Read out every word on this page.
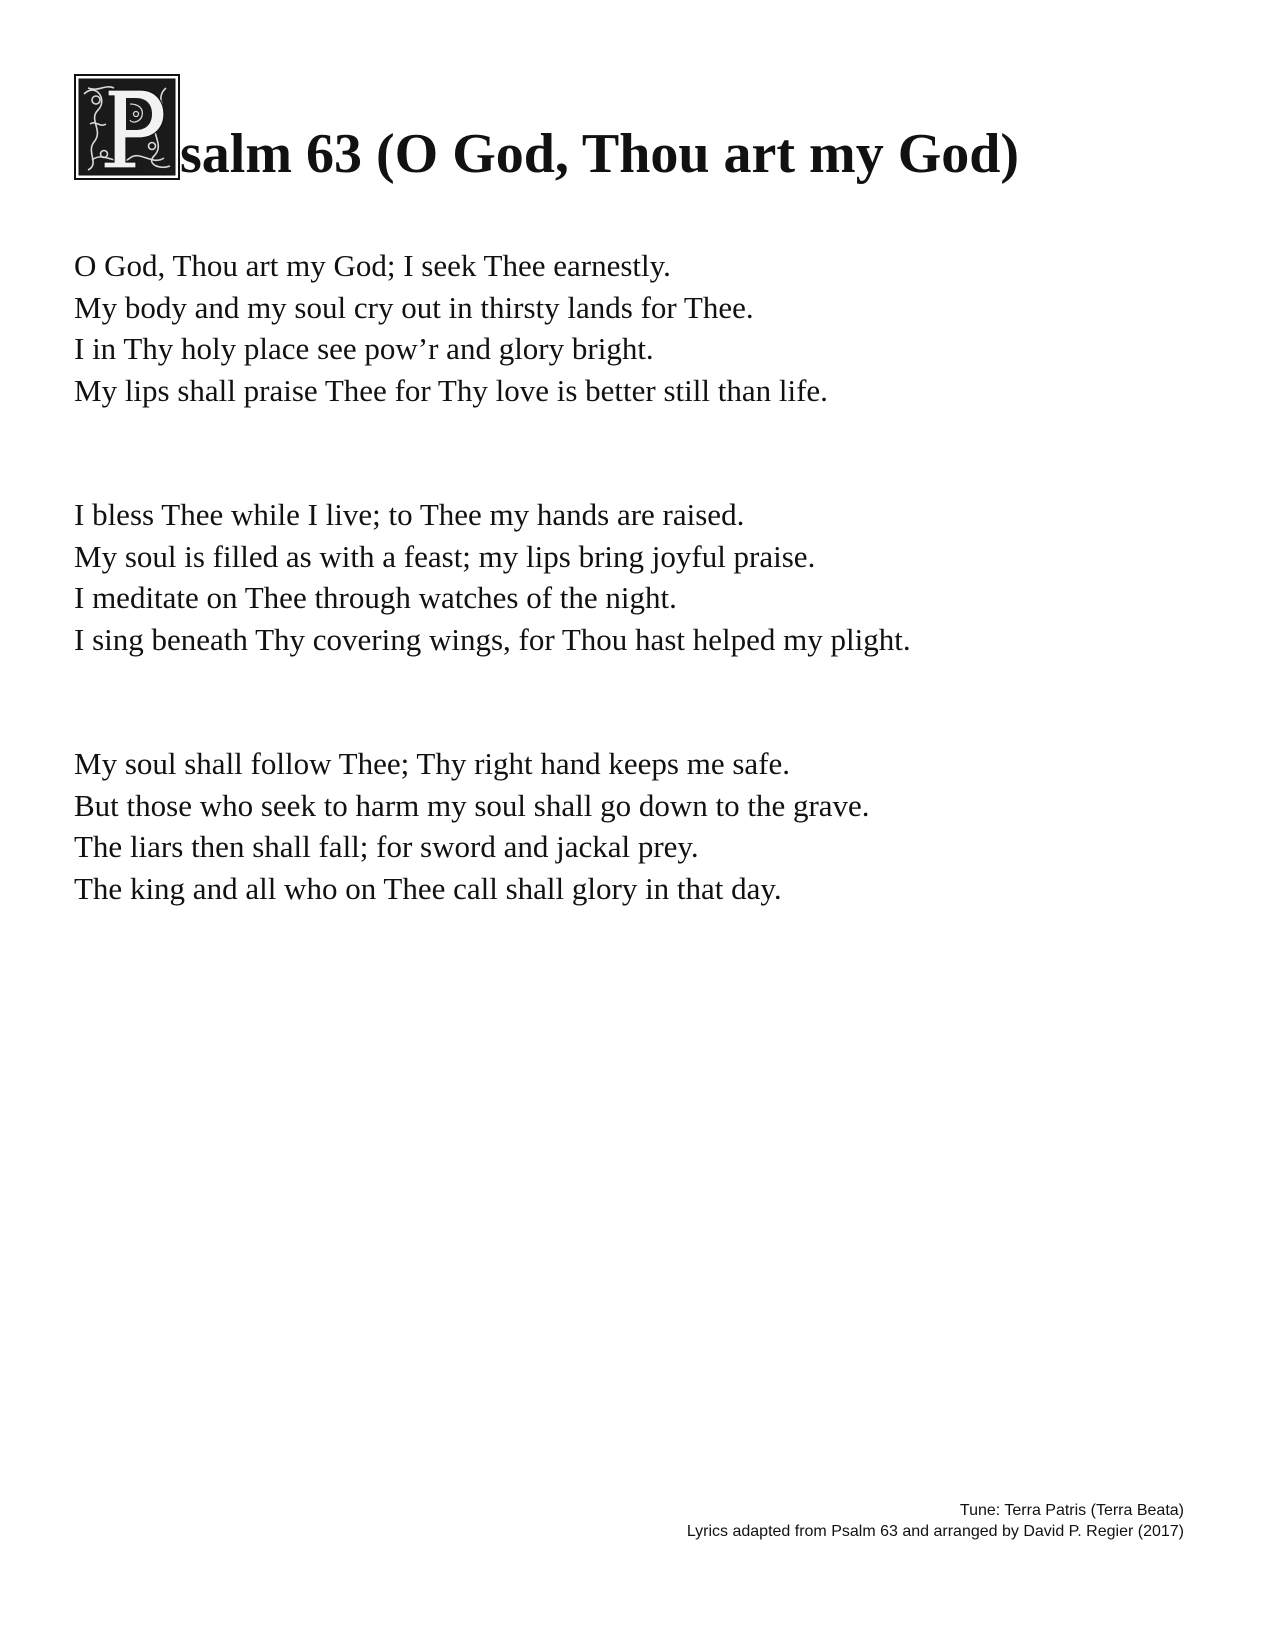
salm 63 (O God, Thou art my God)
O God, Thou art my God; I seek Thee earnestly.
My body and my soul cry out in thirsty lands for Thee.
I in Thy holy place see pow’r and glory bright.
My lips shall praise Thee for Thy love is better still than life.
I bless Thee while I live; to Thee my hands are raised.
My soul is filled as with a feast; my lips bring joyful praise.
I meditate on Thee through watches of the night.
I sing beneath Thy covering wings, for Thou hast helped my plight.
My soul shall follow Thee; Thy right hand keeps me safe.
But those who seek to harm my soul shall go down to the grave.
The liars then shall fall; for sword and jackal prey.
The king and all who on Thee call shall glory in that day.
Tune: Terra Patris (Terra Beata)
Lyrics adapted from Psalm 63 and arranged by David P. Regier (2017)
